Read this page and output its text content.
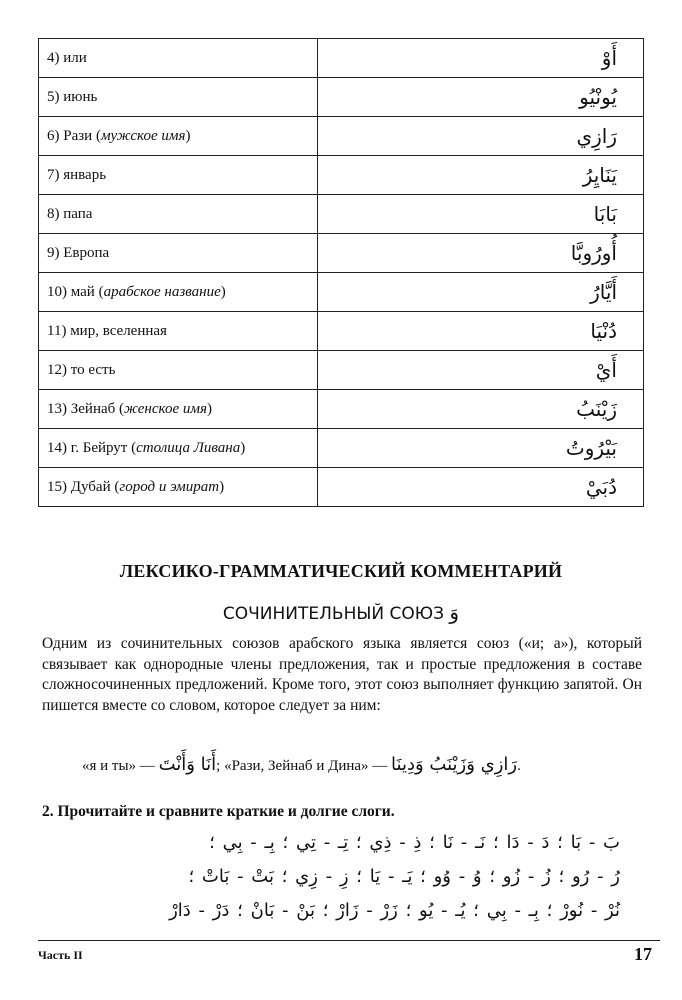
4) или	أَوْ
5) июнь	يُونْيُو
6) Рази (мужское имя)	رَازِي
7) январь	يَنَايِرُ
8) папа	بَابَا
9) Европа	أُورُوبَّا
10) май (арабское название)	أَيَّارُ
11) мир, вселенная	دُنْيَا
12) то есть	أَيْ
13) Зейнаб (женское имя)	زَيْنَبُ
14) г. Бейрут (столица Ливана)	بَيْرُوتُ
15) Дубай (город и эмират)	دُبَيْ
ЛЕКСИКО-ГРАММАТИЧЕСКИЙ КОММЕНТАРИЙ
СОЧИНИТЕЛЬНЫЙ СОЮЗ وَ
Одним из сочинительных союзов арабского языка является союз («и; а»), который связывает как однородные члены предложения, так и простые предложения в составе сложносочиненных предложений. Кроме того, этот союз выполняет функцию запятой. Он пишется вместе со словом, которое следует за ним:
«я и ты» — أَنَا وَأَنْتَ; «Рази, Зейнаб и Дина» — رَازِي وَزَيْنَبُ وَدِينَا.
2. Прочитайте и сравните краткие и долгие слоги.
بَ - بَا ؛ دَ - دَا ؛ نَـ - نَا ؛ ذِ - ذِي ؛ تِـ - تِي ؛ بِـ - بِي ؛
رُ - رُو ؛ زُ - زُو ؛ وُ - وُو ؛ يَـ - يَا ؛ زِ - زِي ؛ بَتْ - بَاتْ ؛
نُرْ - نُورْ ؛ بِـ - بِي ؛ يُـ - يُو ؛ زَرْ - زَارْ ؛ بَنْ - بَانْ ؛ دَرْ - دَارْ
Часть II	17
